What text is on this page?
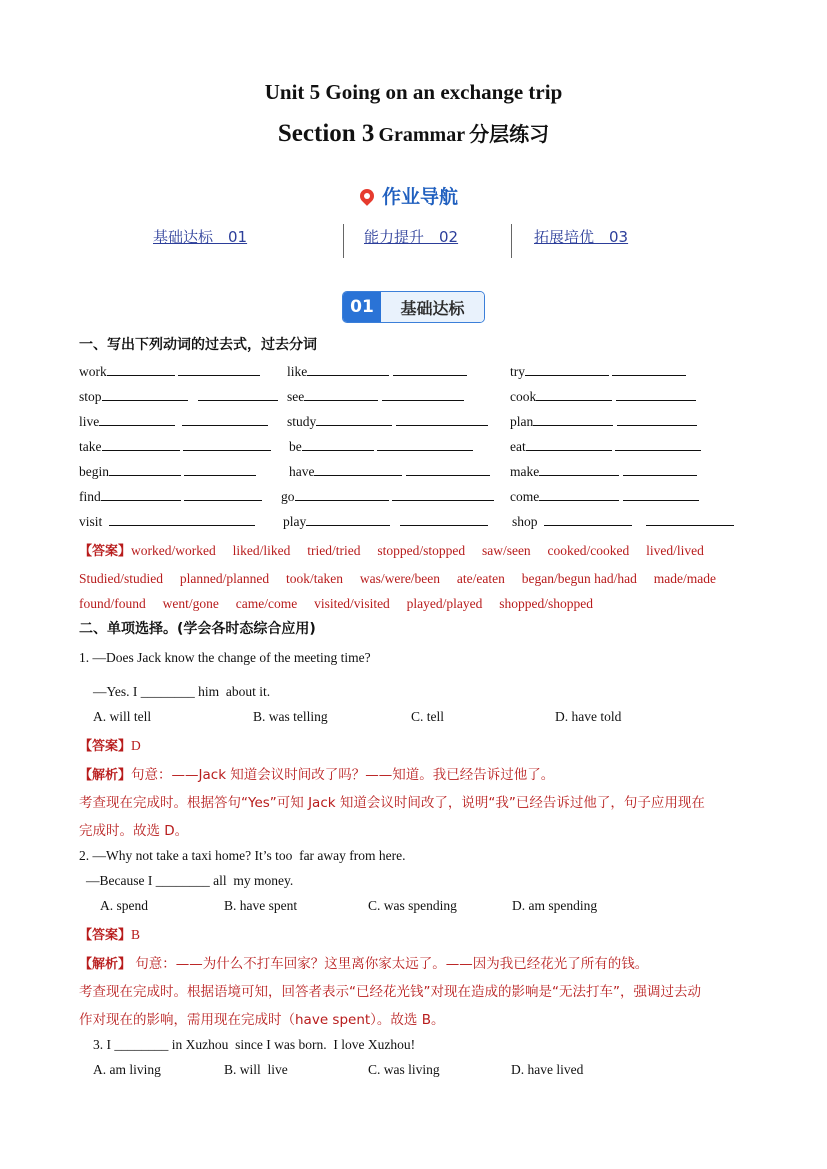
Unit 5 Going on an exchange trip
Section 3 Grammar 分层练习
作业导航
基础达标　01	能力提升　02	拓展培优　03
01	基础达标
一、写出下列动词的过去式，过去分词
work	like	try
stop	see	cook
live	study	plan
take	be	eat
begin	have	make
find	go	come
visit	play	shop
【答案】worked/worked　 liked/liked　 tried/tried　 stopped/stopped　 saw/seen　 cooked/cooked　 lived/lived
Studied/studied　 planned/planned　 took/taken　 was/were/been　 ate/eaten　 began/begun had/had　 made/made
found/found　 went/gone　 came/come　 visited/visited　 played/played　 shopped/shopped
二、单项选择。(学会各时态综合应用)
1. —Does Jack know the change of the meeting time?
—Yes. I ________ him  about it.
A. will tell	B. was telling	C. tell	D. have told
【答案】D
【解析】句意：——Jack 知道会议时间改了吗？——知道。我已经告诉过他了。
考查现在完成时。根据答句“Yes”可知 Jack 知道会议时间改了，说明“我”已经告诉过他了，句子应用现在
完成时。故选 D。
2. —Why not take a taxi home? It’s too  far away from here.
—Because I ________ all  my money.
A. spend	B. have spent	C. was spending	D. am spending
【答案】B
【解析】 句意：——为什么不打车回家？这里离你家太远了。——因为我已经花光了所有的钱。
考查现在完成时。根据语境可知，回答者表示“已经花光钱”对现在造成的影响是“无法打车”，强调过去动
作对现在的影响，需用现在完成时（have spent）。故选 B。
3. I ________ in Xuzhou  since I was born.  I love Xuzhou!
A. am living	B. will  live	C. was living	D. have lived
